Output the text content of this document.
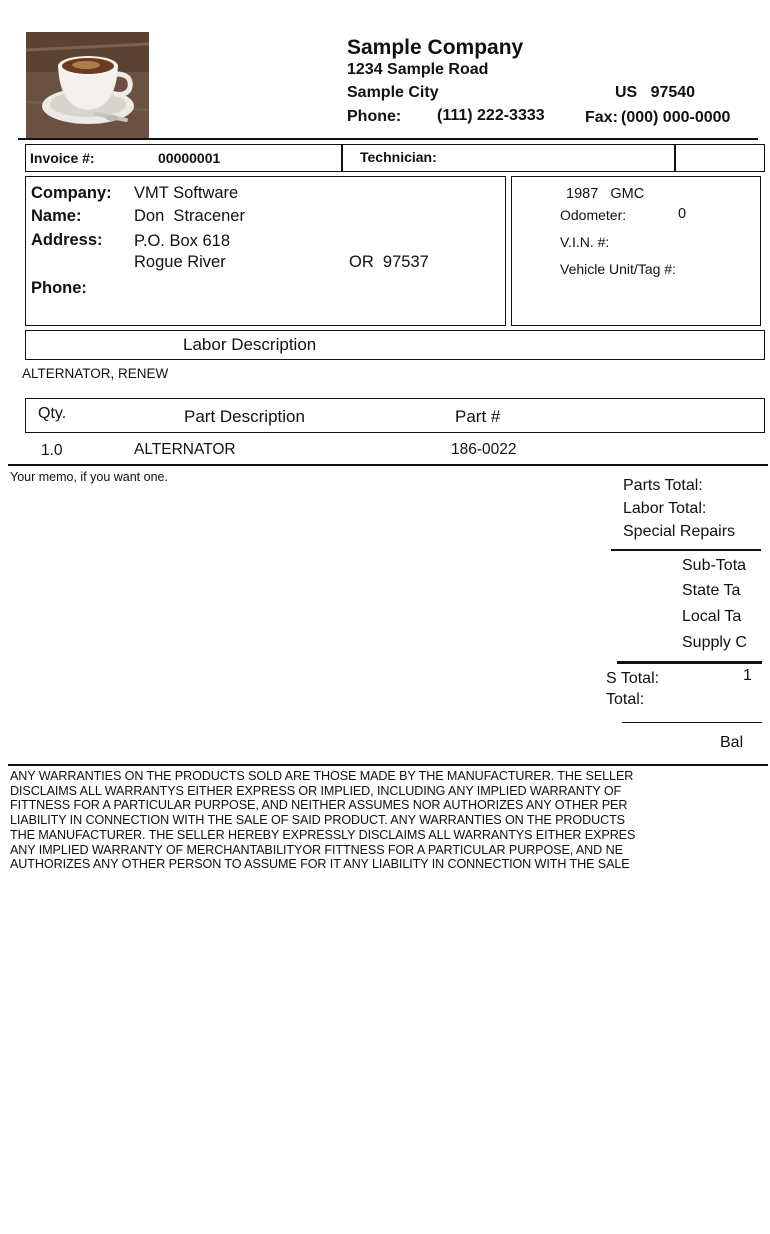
Sample Company
1234 Sample Road
Sample City	US   97540
Phone: (111) 222-3333	Fax: (000) 000-0000
Invoice #:	00000001	Technician:
Company: VMT Software
Name:	Don  Stracener
Address: P.O. Box 618
Rogue River	OR  97537
Phone:
1987   GMC
Odometer:	0
V.I.N. #:
Vehicle Unit/Tag #:
Labor Description
ALTERNATOR, RENEW
Qty.	Part Description	Part #
1.0	ALTERNATOR	186-0022
Your memo, if you want one.	Parts Total:
Labor Total:
Special Repairs
Sub-Tota
State Ta
Local Ta
Supply C
S Total:	1
Total:
Bal
ANY WARRANTIES ON THE PRODUCTS SOLD ARE THOSE MADE BY THE MANUFACTURER. THE SELLER
DISCLAIMS ALL WARRANTYS EITHER EXPRESS OR IMPLIED, INCLUDING ANY IMPLIED WARRANTY OF
FITTNESS FOR A PARTICULAR PURPOSE, AND NEITHER ASSUMES NOR AUTHORIZES ANY OTHER PER
LIABILITY IN CONNECTION WITH THE SALE OF SAID PRODUCT. ANY WARRANTIES ON THE PRODUCTS
THE MANUFACTURER. THE SELLER HEREBY EXPRESSLY DISCLAIMS ALL WARRANTYS EITHER EXPRES
ANY IMPLIED WARRANTY OF MERCHANTABILITYOR FITTNESS FOR A PARTICULAR PURPOSE, AND NE
AUTHORIZES ANY OTHER PERSON TO ASSUME FOR IT ANY LIABILITY IN CONNECTION WITH THE SALE
